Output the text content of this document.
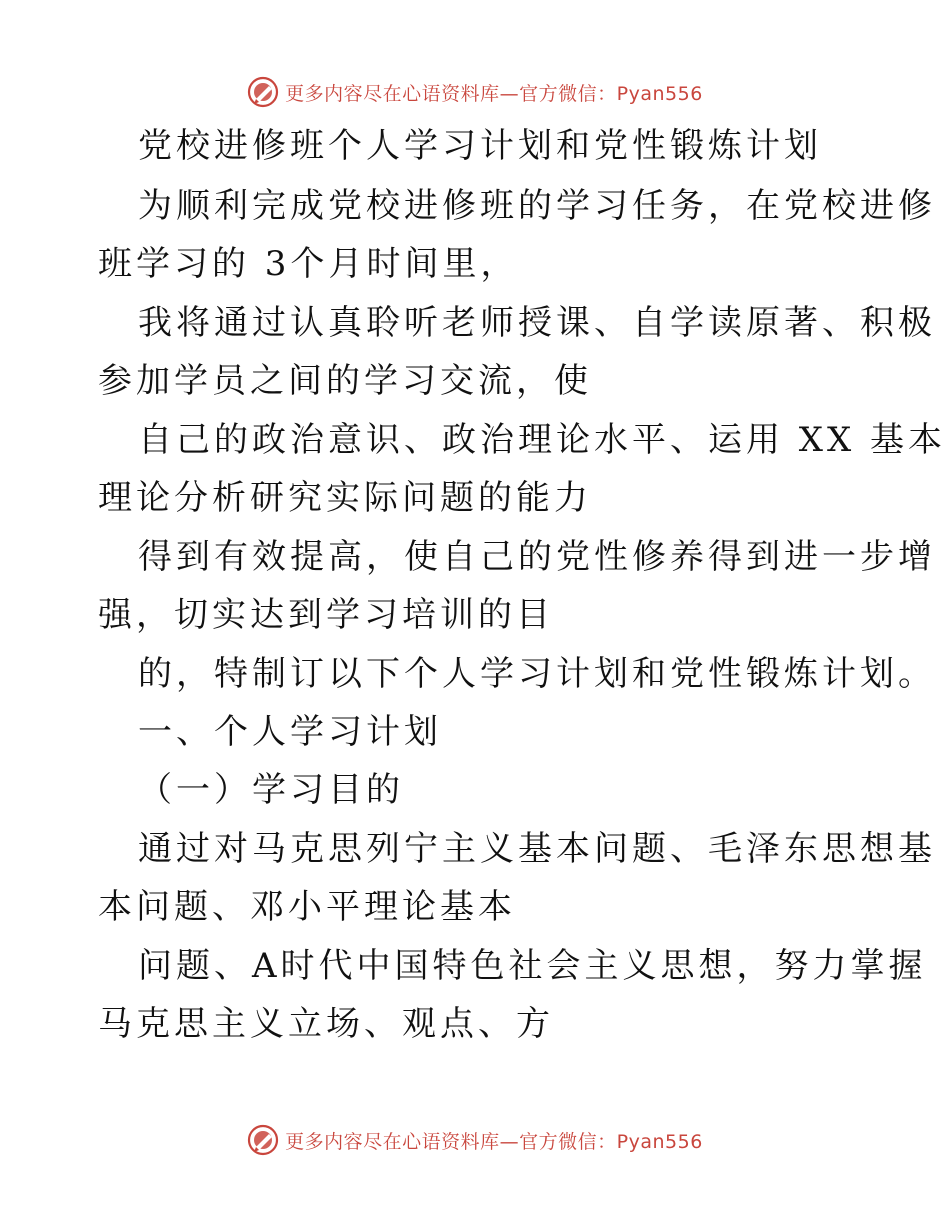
更多内容尽在心语资料库—官方微信：Pyan556
党校进修班个人学习计划和党性锻炼计划
为顺利完成党校进修班的学习任务，在党校进修
班学习的 3个月时间里，
我将通过认真聆听老师授课、自学读原著、积极
参加学员之间的学习交流，使
自己的政治意识、政治理论水平、运用 XX 基本
理论分析研究实际问题的能力
得到有效提高，使自己的党性修养得到进一步增
强，切实达到学习培训的目
的，特制订以下个人学习计划和党性锻炼计划。
一、个人学习计划
（一）学习目的
通过对马克思列宁主义基本问题、毛泽东思想基
本问题、邓小平理论基本
问题、A时代中国特色社会主义思想，努力掌握
马克思主义立场、观点、方
更多内容尽在心语资料库—官方微信：Pyan556
